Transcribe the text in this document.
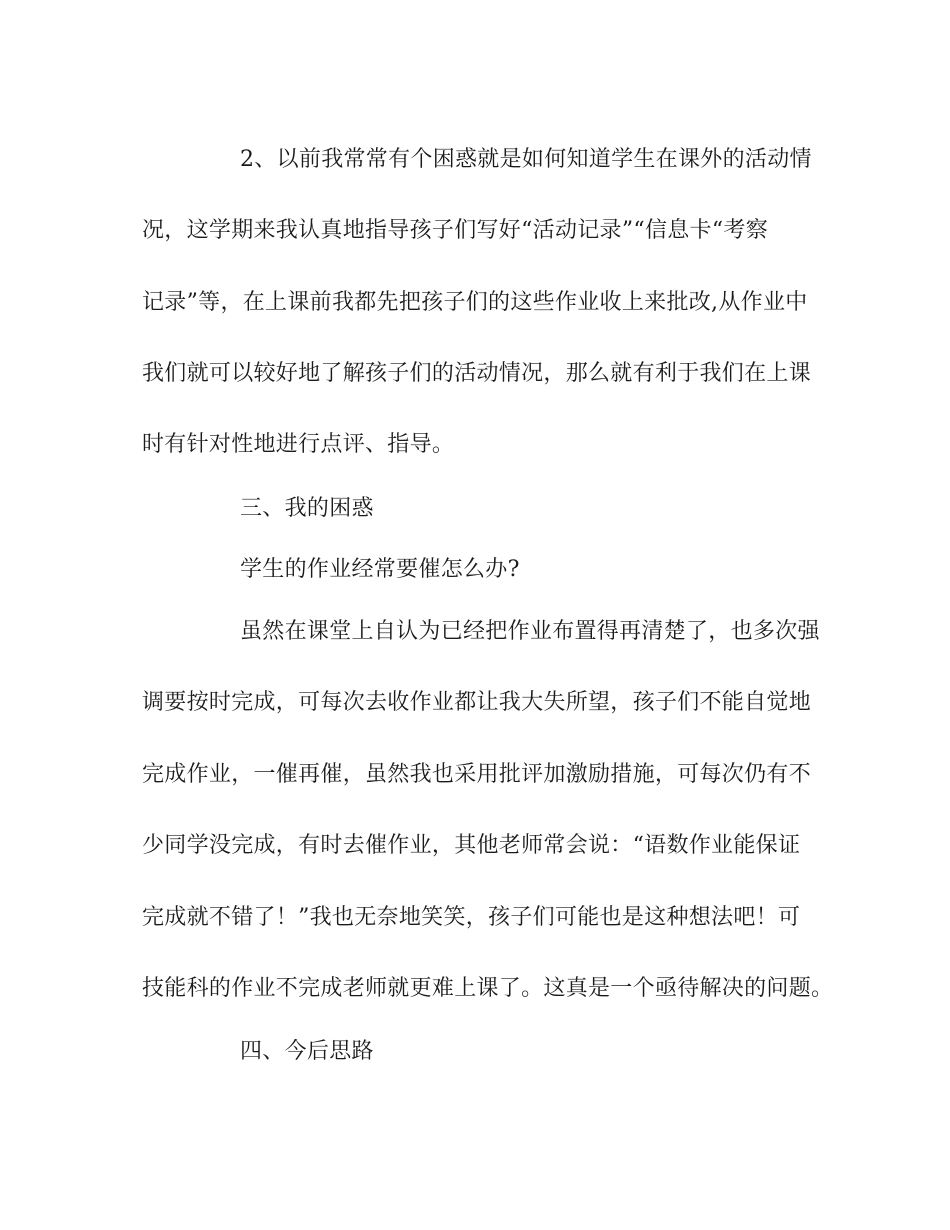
2、以前我常常有个困惑就是如何知道学生在课外的活动情
况，这学期来我认真地指导孩子们写好“活动记录”“信息卡“考察
记录”等，在上课前我都先把孩子们的这些作业收上来批改,从作业中
我们就可以较好地了解孩子们的活动情况，那么就有利于我们在上课
时有针对性地进行点评、指导。
三、我的困惑
学生的作业经常要催怎么办?
虽然在课堂上自认为已经把作业布置得再清楚了，也多次强
调要按时完成，可每次去收作业都让我大失所望，孩子们不能自觉地
完成作业，一催再催，虽然我也采用批评加激励措施，可每次仍有不
少同学没完成，有时去催作业，其他老师常会说：“语数作业能保证
完成就不错了！”我也无奈地笑笑，孩子们可能也是这种想法吧！可
技能科的作业不完成老师就更难上课了。这真是一个亟待解决的问题。
四、今后思路
